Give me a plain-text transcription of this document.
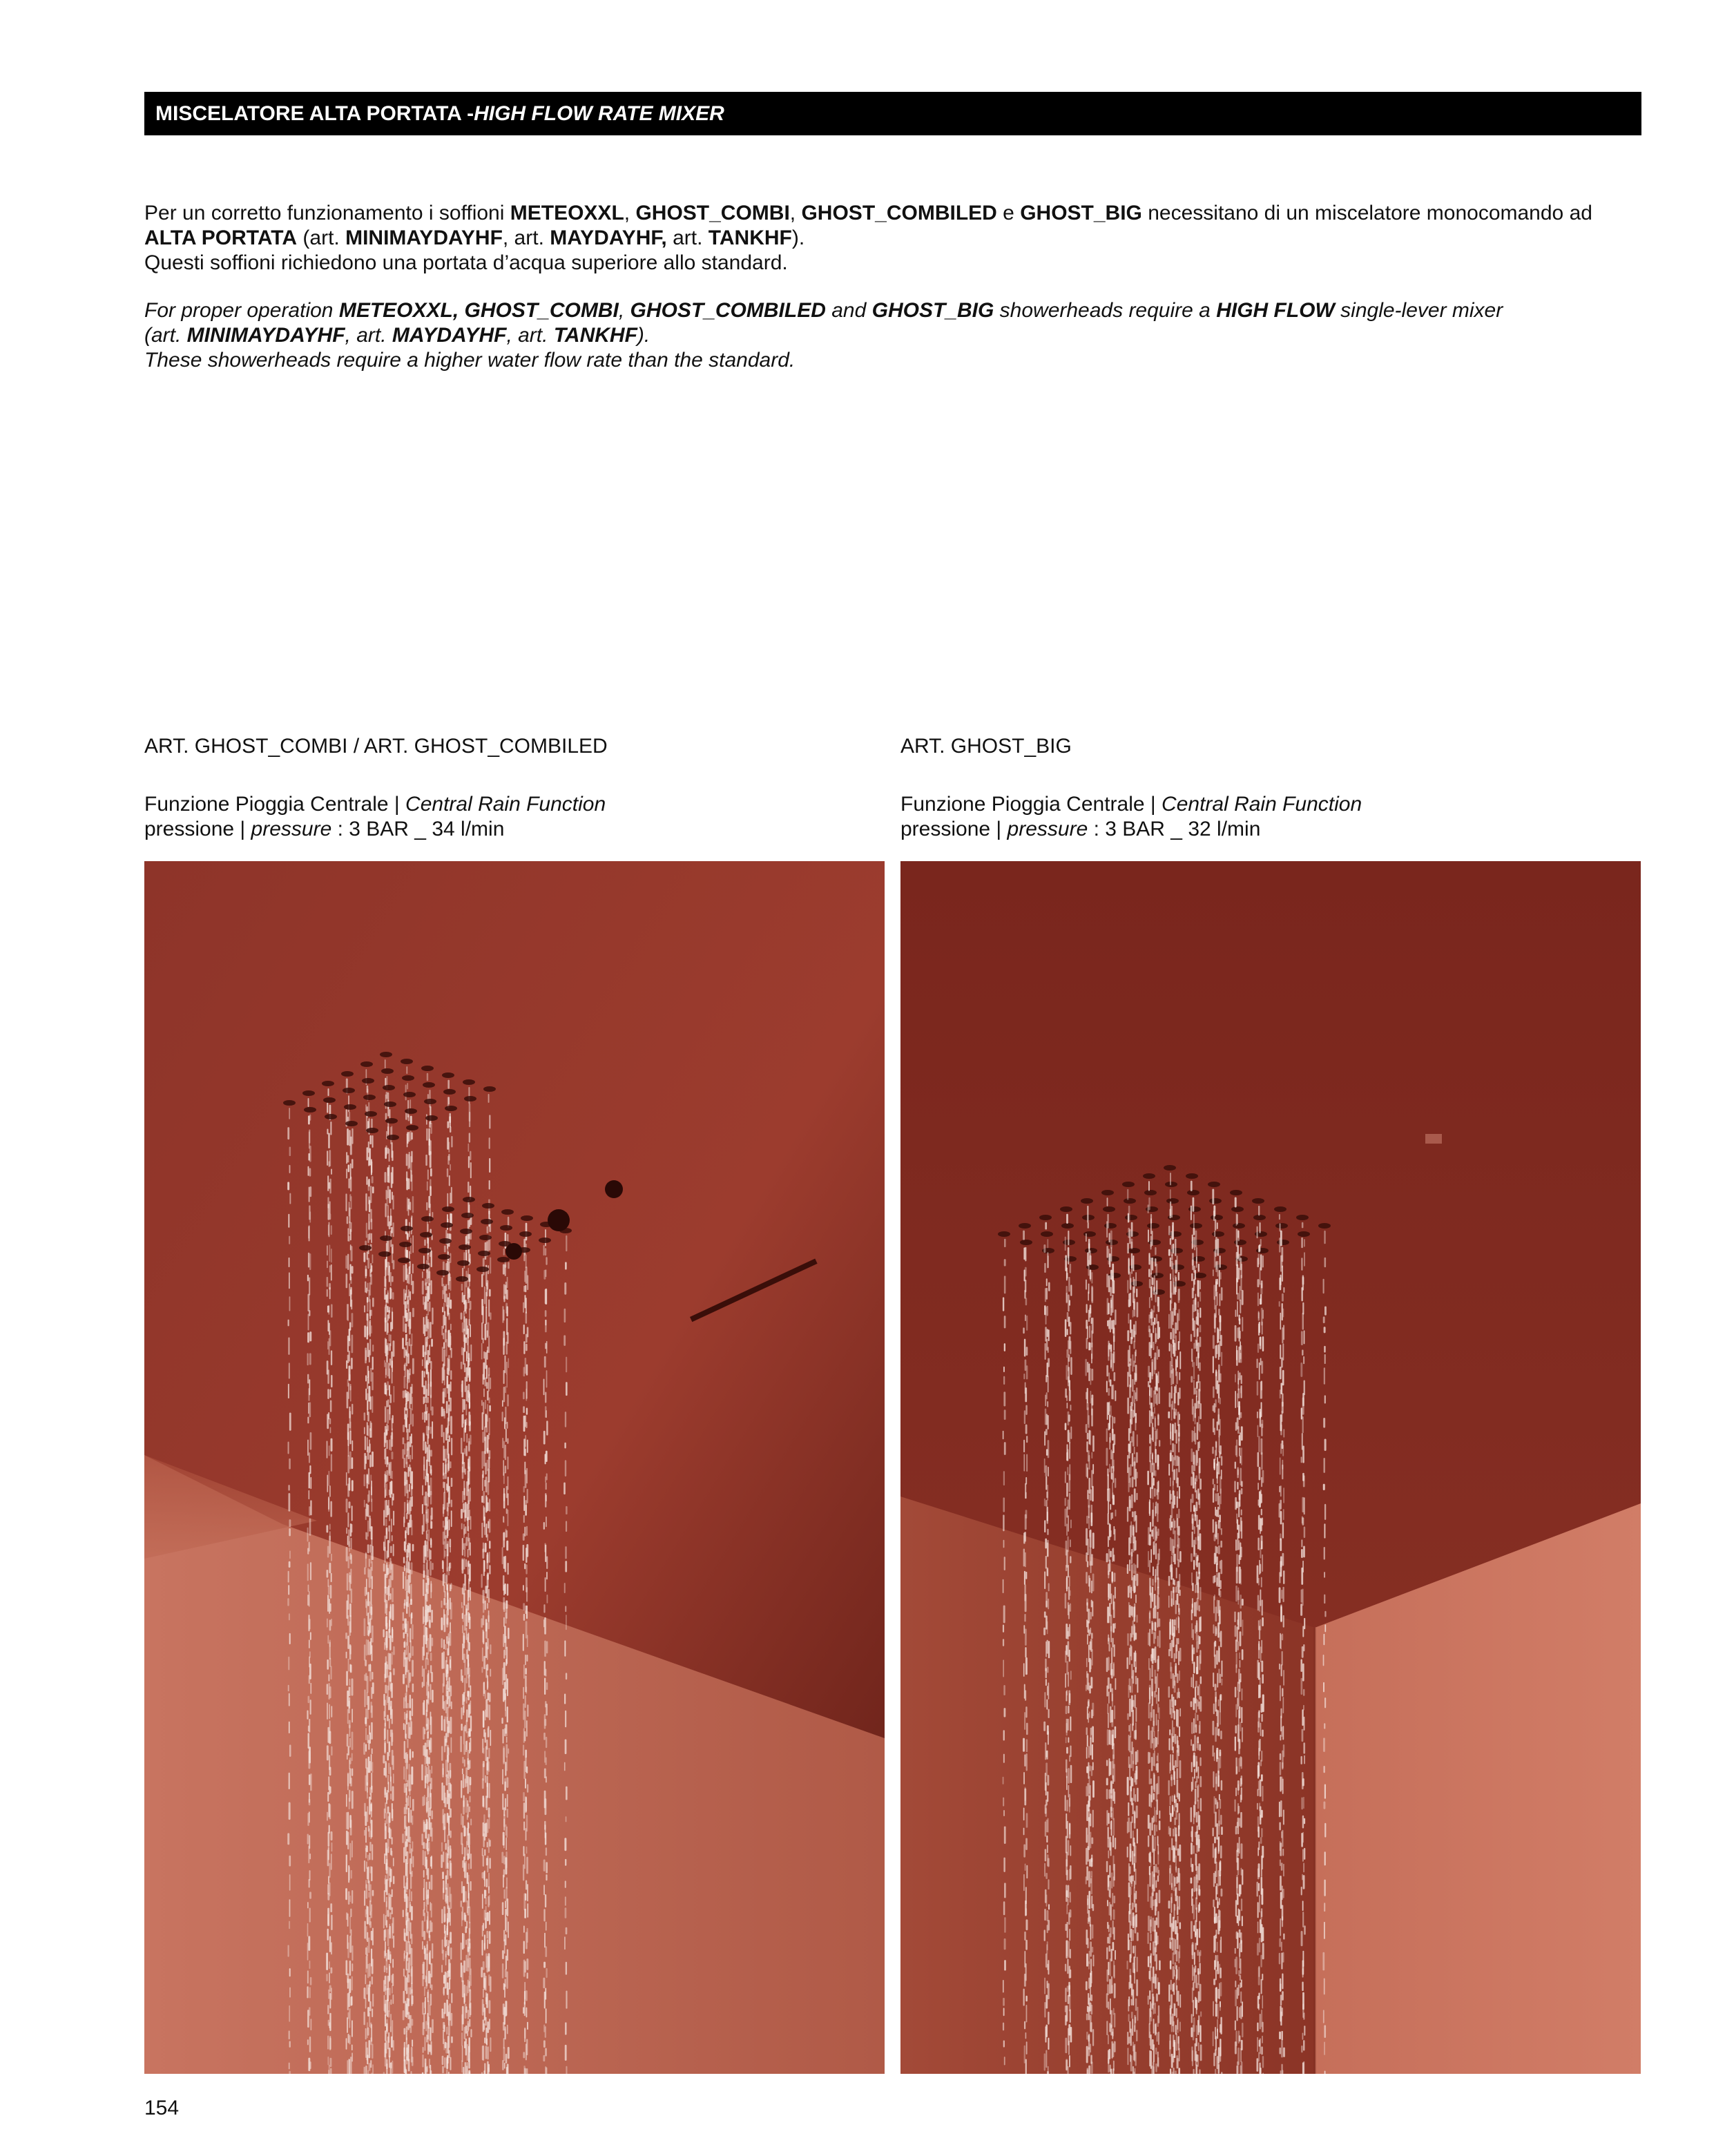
MISCELATORE ALTA PORTATA - HIGH FLOW RATE MIXER

Per un corretto funzionamento i soffioni METEOXXL, GHOST_COMBI, GHOST_COMBILED e GHOST_BIG necessitano di un miscelatore monocomando ad

ALTA PORTATA (art. MINIMAYDAYHF, art. MAYDAYHF, art. TANKHF).

Questi soffioni richiedono una portata d’acqua superiore allo standard.

For proper operation METEOXXL, GHOST_COMBI, GHOST_COMBILED and GHOST_BIG showerheads require a HIGH FLOW single-lever mixer

(art. MINIMAYDAYHF, art. MAYDAYHF, art. TANKHF).

These showerheads require a higher water flow rate than the standard.

ART. GHOST_COMBI / ART. GHOST_COMBILED

Funzione Pioggia Centrale | Central Rain Function

pressione | pressure : 3 BAR _ 34 l/min

ART. GHOST_BIG

Funzione Pioggia Centrale | Central Rain Function

pressione | pressure : 3 BAR _ 32 l/min

154
